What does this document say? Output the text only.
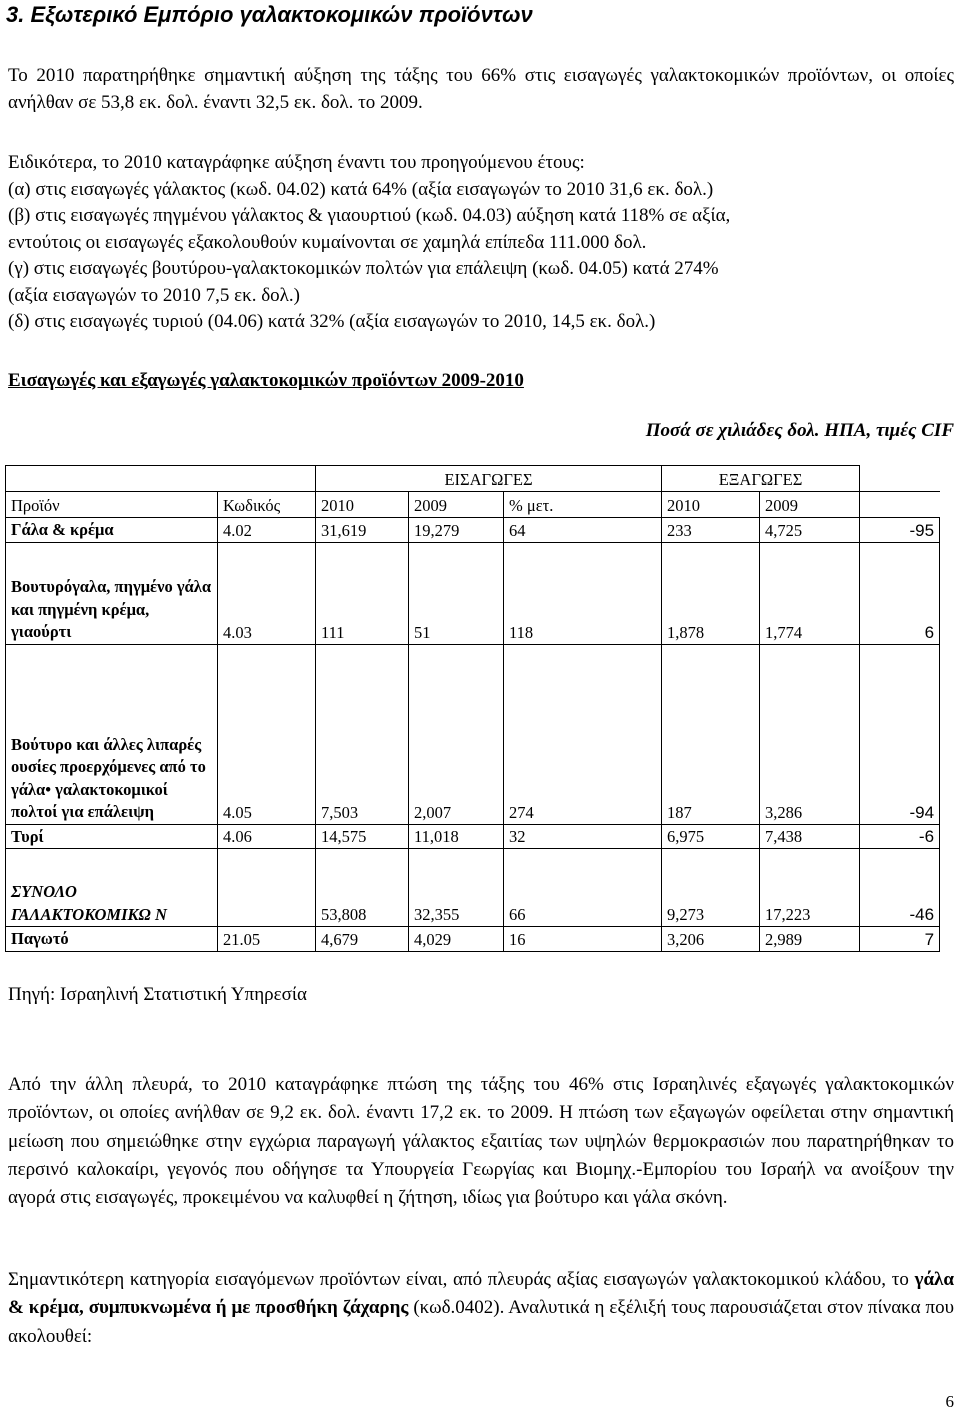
3. Εξωτερικό Εμπόριο γαλακτοκομικών προϊόντων
Το 2010 παρατηρήθηκε σημαντική αύξηση της τάξης του 66% στις εισαγωγές γαλακτοκομικών προϊόντων, οι οποίες ανήλθαν σε 53,8 εκ. δολ. έναντι 32,5 εκ. δολ. το 2009.
Ειδικότερα, το 2010 καταγράφηκε αύξηση έναντι του προηγούμενου έτους:
(α) στις εισαγωγές γάλακτος (κωδ. 04.02) κατά 64% (αξία εισαγωγών το 2010 31,6 εκ. δολ.)
(β) στις εισαγωγές πηγμένου γάλακτος & γιαουρτιού (κωδ. 04.03) αύξηση κατά 118% σε αξία,
εντούτοις οι εισαγωγές εξακολουθούν κυμαίνονται σε χαμηλά επίπεδα 111.000 δολ.
(γ) στις εισαγωγές βουτύρου-γαλακτοκομικών πολτών για επάλειψη (κωδ. 04.05) κατά 274%
(αξία εισαγωγών το 2010 7,5 εκ. δολ.)
(δ) στις εισαγωγές τυριού (04.06) κατά 32% (αξία εισαγωγών το 2010, 14,5 εκ. δολ.)
Εισαγωγές και εξαγωγές γαλακτοκομικών προϊόντων 2009-2010
Ποσά σε χιλιάδες δολ. ΗΠΑ, τιμές CIF
		ΕΙΣΑΓΩΓΕΣ			ΕΞΑΓΩΓΕΣ		
Προϊόν	Κωδικός	2010	2009	% μετ.	2010	2009	
Γάλα & κρέμα	4.02	31,619	19,279	64	233	4,725	-95
Βουτυρόγαλα, πηγμένο γάλα και πηγμένη κρέμα, γιαούρτι	4.03	111	51	118	1,878	1,774	6
Βούτυρο και άλλες λιπαρές ουσίες προερχόμενες από το γάλα• γαλακτοκομικοί πολτοί για επάλειψη	4.05	7,503	2,007	274	187	3,286	-94
Τυρί	4.06	14,575	11,018	32	6,975	7,438	-6
ΣΥΝΟΛΟ ΓΑΛΑΚΤΟΚΟΜΙΚΩ Ν		53,808	32,355	66	9,273	17,223	-46
Παγωτό	21.05	4,679	4,029	16	3,206	2,989	7
Πηγή: Ισραηλινή Στατιστική Υπηρεσία
Από την άλλη πλευρά, το 2010 καταγράφηκε πτώση της τάξης του 46% στις Ισραηλινές εξαγωγές γαλακτοκομικών προϊόντων, οι οποίες ανήλθαν σε 9,2 εκ. δολ. έναντι 17,2 εκ. το 2009. Η πτώση των εξαγωγών οφείλεται στην σημαντική μείωση που σημειώθηκε στην εγχώρια παραγωγή γάλακτος εξαιτίας των υψηλών θερμοκρασιών που παρατηρήθηκαν το περσινό καλοκαίρι, γεγονός που οδήγησε τα Υπουργεία Γεωργίας και Βιομηχ.-Εμπορίου του Ισραήλ να ανοίξουν την αγορά στις εισαγωγές, προκειμένου να καλυφθεί η ζήτηση, ιδίως για βούτυρο και γάλα σκόνη.
Σημαντικότερη κατηγορία εισαγόμενων προϊόντων είναι, από πλευράς αξίας εισαγωγών γαλακτοκομικού κλάδου, το γάλα & κρέμα, συμπυκνωμένα ή με προσθήκη ζάχαρης (κωδ.0402). Αναλυτικά η εξέλιξή τους παρουσιάζεται στον πίνακα που ακολουθεί:
6
